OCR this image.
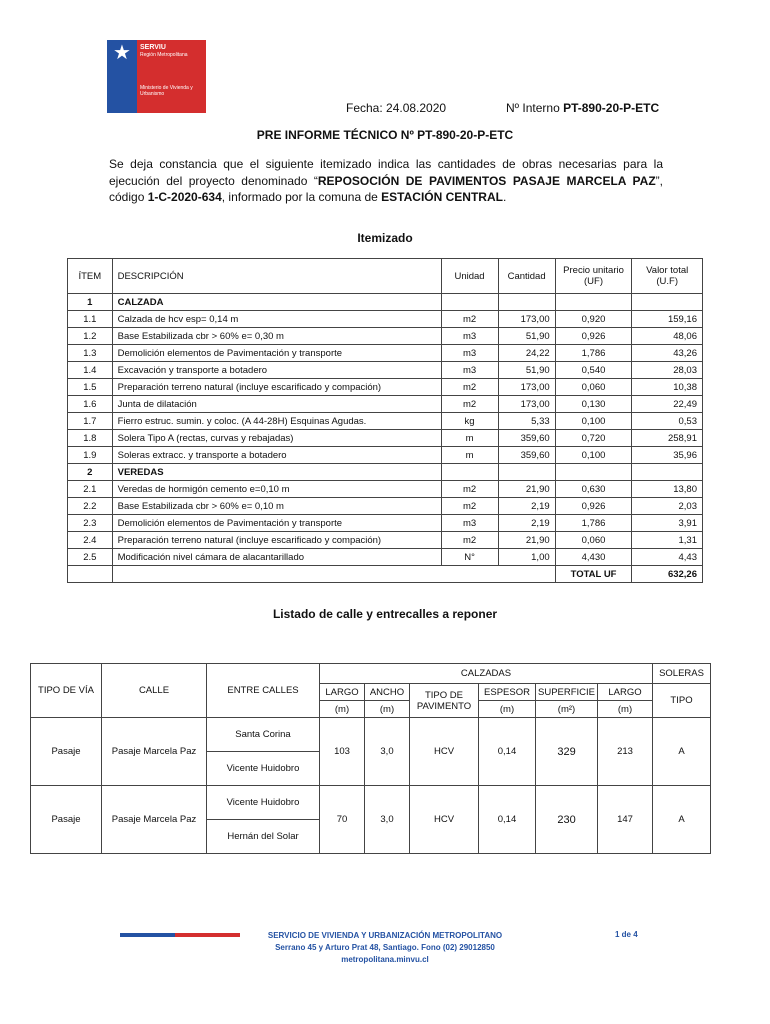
★	SERVIU
Región Metropolitana
Ministerio de Vivienda y Urbanismo
Fecha: 24.08.2020	Nº Interno PT-890-20-P-ETC
PRE INFORME TÉCNICO Nº PT-890-20-P-ETC
Se deja constancia que el siguiente itemizado indica las cantidades de obras necesarias para la ejecución del proyecto denominado “REPOSOCIÓN DE PAVIMENTOS PASAJE MARCELA PAZ”, código 1-C-2020-634, informado por la comuna de ESTACIÓN CENTRAL.
Itemizado
ÍTEM	DESCRIPCIÓN	Unidad	Cantidad	Precio unitario (UF)	Valor total (U.F)
1	CALZADA				
1.1	Calzada de hcv esp= 0,14 m	m2	173,00	0,920	159,16
1.2	Base Estabilizada cbr > 60% e= 0,30 m	m3	51,90	0,926	48,06
1.3	Demolición elementos de Pavimentación y transporte	m3	24,22	1,786	43,26
1.4	Excavación y transporte a botadero	m3	51,90	0,540	28,03
1.5	Preparación terreno natural (incluye escarificado y compación)	m2	173,00	0,060	10,38
1.6	Junta de dilatación	m2	173,00	0,130	22,49
1.7	Fierro estruc. sumin. y coloc. (A 44-28H) Esquinas Agudas.	kg	5,33	0,100	0,53
1.8	Solera Tipo A (rectas, curvas y rebajadas)	m	359,60	0,720	258,91
1.9	Soleras extracc. y transporte a botadero	m	359,60	0,100	35,96
2	VEREDAS				
2.1	Veredas de hormigón cemento e=0,10 m	m2	21,90	0,630	13,80
2.2	Base Estabilizada cbr > 60% e= 0,10 m	m2	2,19	0,926	2,03
2.3	Demolición elementos de Pavimentación y transporte	m3	2,19	1,786	3,91
2.4	Preparación terreno natural (incluye escarificado y compación)	m2	21,90	0,060	1,31
2.5	Modificación nivel cámara de alacantarillado	N°	1,00	4,430	4,43
				TOTAL UF	632,26
Listado de calle y entrecalles a reponer
TIPO DE VÍA	CALLE	ENTRE CALLES	CALZADAS						SOLERAS
			LARGO	ANCHO	TIPO DE PAVIMENTO	ESPESOR	SUPERFICIE	LARGO	TIPO
			(m)	(m)		(m)	(m²)	(m)	
Pasaje	Pasaje Marcela Paz	Santa Corina	103	3,0	HCV	0,14	329	213	A
		Vicente Huidobro							
Pasaje	Pasaje Marcela Paz	Vicente Huidobro	70	3,0	HCV	0,14	230	147	A
		Hernán del Solar							
SERVICIO DE VIVIENDA Y URBANIZACIÓN METROPOLITANO
Serrano 45 y Arturo Prat 48, Santiago. Fono (02) 29012850
metropolitana.minvu.cl
1 de 4
